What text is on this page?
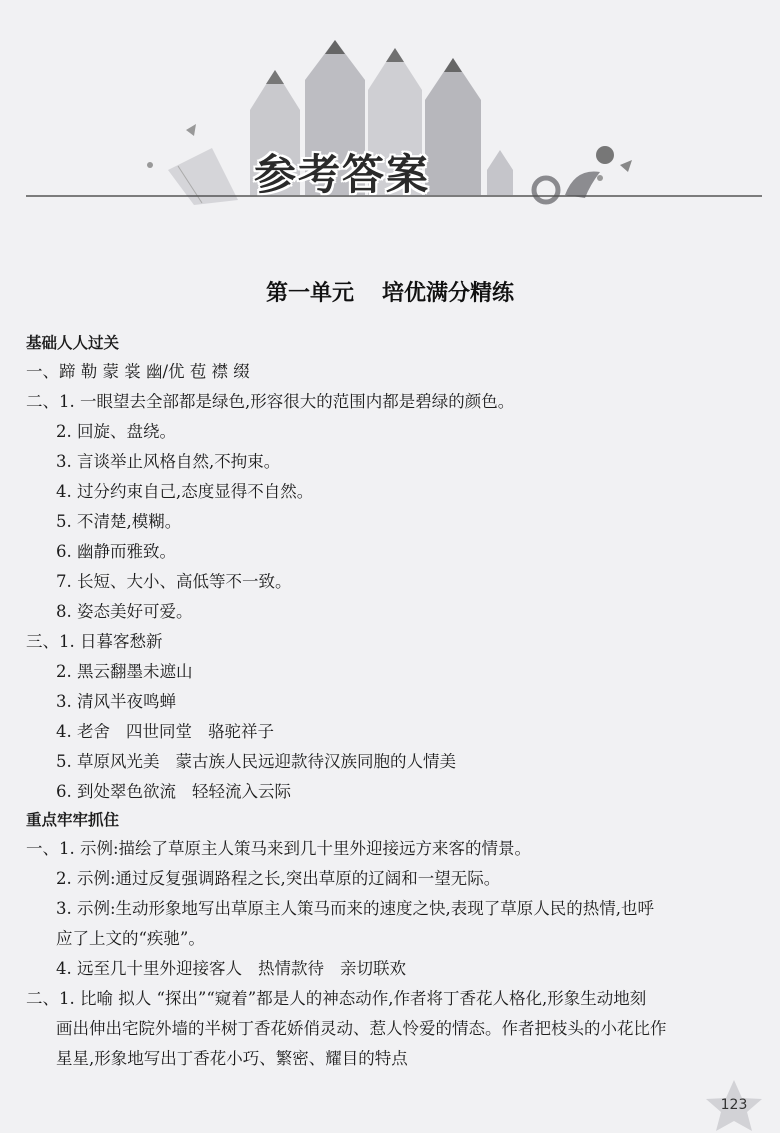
参考答案
第一单元 培优满分精练
基础人人过关
一、蹄 勒 蒙 裳 幽/优 苞 襟 缀
二、1. 一眼望去全部都是绿色,形容很大的范围内都是碧绿的颜色。
2. 回旋、盘绕。
3. 言谈举止风格自然,不拘束。
4. 过分约束自己,态度显得不自然。
5. 不清楚,模糊。
6. 幽静而雅致。
7. 长短、大小、高低等不一致。
8. 姿态美好可爱。
三、1. 日暮客愁新
2. 黑云翻墨未遮山
3. 清风半夜鸣蝉
4. 老舍 四世同堂 骆驼祥子
5. 草原风光美 蒙古族人民远迎款待汉族同胞的人情美
6. 到处翠色欲流 轻轻流入云际
重点牢牢抓住
一、1. 示例:描绘了草原主人策马来到几十里外迎接远方来客的情景。
2. 示例:通过反复强调路程之长,突出草原的辽阔和一望无际。
3. 示例:生动形象地写出草原主人策马而来的速度之快,表现了草原人民的热情,也呼
应了上文的“疾驰”。
4. 远至几十里外迎接客人 热情款待 亲切联欢
二、1. 比喻 拟人 “探出”“窥着”都是人的神态动作,作者将丁香花人格化,形象生动地刻
画出伸出宅院外墙的半树丁香花娇俏灵动、惹人怜爱的情态。作者把枝头的小花比作
星星,形象地写出丁香花小巧、繁密、耀目的特点
123
